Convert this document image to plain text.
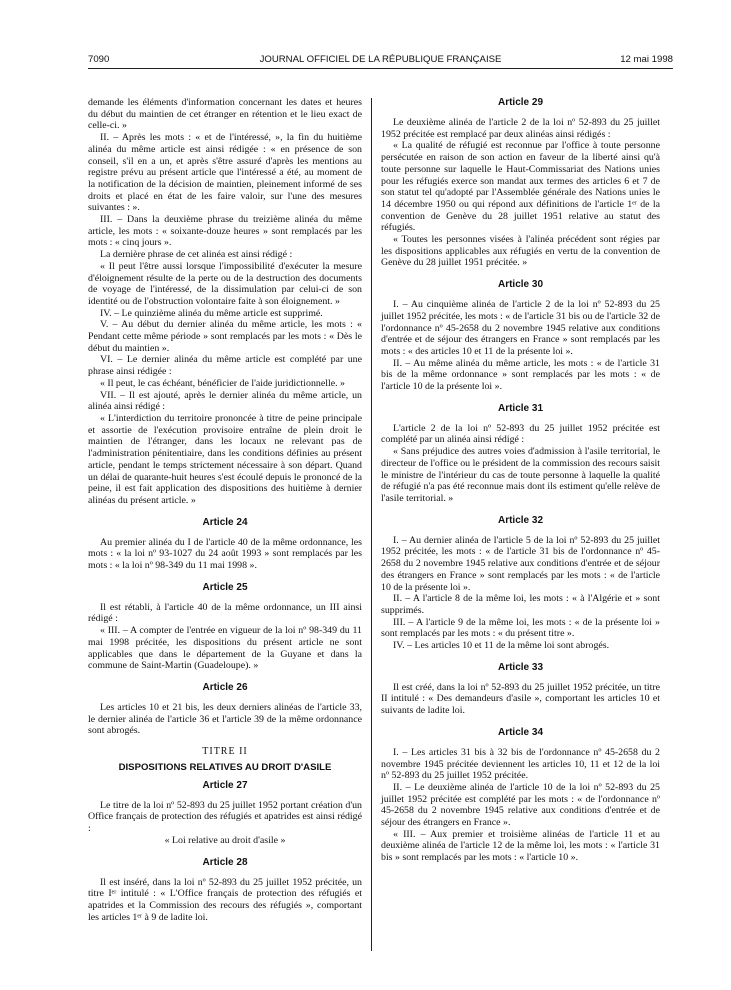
7090	JOURNAL OFFICIEL DE LA RÉPUBLIQUE FRANÇAISE	12 mai 1998

demande les éléments d'information concernant les dates et heures du début du maintien de cet étranger en rétention et le lieu exact de celle-ci. »

II. – Après les mots : « et de l'intéressé, », la fin du huitième alinéa du même article est ainsi rédigée : « en présence de son conseil, s'il en a un, et après s'être assuré d'après les mentions au registre prévu au présent article que l'intéressé a été, au moment de la notification de la décision de maintien, pleinement informé de ses droits et placé en état de les faire valoir, sur l'une des mesures suivantes : ».

III. – Dans la deuxième phrase du treizième alinéa du même article, les mots : « soixante-douze heures » sont remplacés par les mots : « cinq jours ».

La dernière phrase de cet alinéa est ainsi rédigé :

« Il peut l'être aussi lorsque l'impossibilité d'exécuter la mesure d'éloignement résulte de la perte ou de la destruction des documents de voyage de l'intéressé, de la dissimulation par celui-ci de son identité ou de l'obstruction volontaire faite à son éloignement. »

IV. – Le quinzième alinéa du même article est supprimé.

V. – Au début du dernier alinéa du même article, les mots : « Pendant cette même période » sont remplacés par les mots : « Dès le début du maintien ».

VI. – Le dernier alinéa du même article est complété par une phrase ainsi rédigée :

« Il peut, le cas échéant, bénéficier de l'aide juridictionnelle. »

VII. – Il est ajouté, après le dernier alinéa du même article, un alinéa ainsi rédigé :

« L'interdiction du territoire prononcée à titre de peine principale et assortie de l'exécution provisoire entraîne de plein droit le maintien de l'étranger, dans les locaux ne relevant pas de l'administration pénitentiaire, dans les conditions définies au présent article, pendant le temps strictement nécessaire à son départ. Quand un délai de quarante-huit heures s'est écoulé depuis le prononcé de la peine, il est fait application des dispositions des huitième à dernier alinéas du présent article. »

Article 24

Au premier alinéa du I de l'article 40 de la même ordonnance, les mots : « la loi nº 93-1027 du 24 août 1993 » sont remplacés par les mots : « la loi nº 98-349 du 11 mai 1998 ».

Article 25

Il est rétabli, à l'article 40 de la même ordonnance, un III ainsi rédigé :

« III. – A compter de l'entrée en vigueur de la loi nº 98-349 du 11 mai 1998 précitée, les dispositions du présent article ne sont applicables que dans le département de la Guyane et dans la commune de Saint-Martin (Guadeloupe). »

Article 26

Les articles 10 et 21 bis, les deux derniers alinéas de l'article 33, le dernier alinéa de l'article 36 et l'article 39 de la même ordonnance sont abrogés.

TITRE II
DISPOSITIONS RELATIVES AU DROIT D'ASILE
Article 27

Le titre de la loi nº 52-893 du 25 juillet 1952 portant création d'un Office français de protection des réfugiés et apatrides est ainsi rédigé :

« Loi relative au droit d'asile »

Article 28

Il est inséré, dans la loi nº 52-893 du 25 juillet 1952 précitée, un titre Iᵉʳ intitulé : « L'Office français de protection des réfugiés et apatrides et la Commission des recours des réfugiés », comportant les articles 1ᵉʳ à 9 de ladite loi.

Article 29

Le deuxième alinéa de l'article 2 de la loi nº 52-893 du 25 juillet 1952 précitée est remplacé par deux alinéas ainsi rédigés :

« La qualité de réfugié est reconnue par l'office à toute personne persécutée en raison de son action en faveur de la liberté ainsi qu'à toute personne sur laquelle le Haut-Commissariat des Nations unies pour les réfugiés exerce son mandat aux termes des articles 6 et 7 de son statut tel qu'adopté par l'Assemblée générale des Nations unies le 14 décembre 1950 ou qui répond aux définitions de l'article 1ᵉʳ de la convention de Genève du 28 juillet 1951 relative au statut des réfugiés.

« Toutes les personnes visées à l'alinéa précédent sont régies par les dispositions applicables aux réfugiés en vertu de la convention de Genève du 28 juillet 1951 précitée. »

Article 30

I. – Au cinquième alinéa de l'article 2 de la loi nº 52-893 du 25 juillet 1952 précitée, les mots : « de l'article 31 bis ou de l'article 32 de l'ordonnance nº 45-2658 du 2 novembre 1945 relative aux conditions d'entrée et de séjour des étrangers en France » sont remplacés par les mots : « des articles 10 et 11 de la présente loi ».

II. – Au même alinéa du même article, les mots : « de l'article 31 bis de la même ordonnance » sont remplacés par les mots : « de l'article 10 de la présente loi ».

Article 31

L'article 2 de la loi nº 52-893 du 25 juillet 1952 précitée est complété par un alinéa ainsi rédigé :

« Sans préjudice des autres voies d'admission à l'asile territorial, le directeur de l'office ou le président de la commission des recours saisit le ministre de l'intérieur du cas de toute personne à laquelle la qualité de réfugié n'a pas été reconnue mais dont ils estiment qu'elle relève de l'asile territorial. »

Article 32

I. – Au dernier alinéa de l'article 5 de la loi nº 52-893 du 25 juillet 1952 précitée, les mots : « de l'article 31 bis de l'ordonnance nº 45-2658 du 2 novembre 1945 relative aux conditions d'entrée et de séjour des étrangers en France » sont remplacés par les mots : « de l'article 10 de la présente loi ».

II. – A l'article 8 de la même loi, les mots : « à l'Algérie et » sont supprimés.

III. – A l'article 9 de la même loi, les mots : « de la présente loi » sont remplacés par les mots : « du présent titre ».

IV. – Les articles 10 et 11 de la même loi sont abrogés.

Article 33

Il est créé, dans la loi nº 52-893 du 25 juillet 1952 précitée, un titre II intitulé : « Des demandeurs d'asile », comportant les articles 10 et suivants de ladite loi.

Article 34

I. – Les articles 31 bis à 32 bis de l'ordonnance nº 45-2658 du 2 novembre 1945 précitée deviennent les articles 10, 11 et 12 de la loi nº 52-893 du 25 juillet 1952 précitée.

II. – Le deuxième alinéa de l'article 10 de la loi nº 52-893 du 25 juillet 1952 précitée est complété par les mots : « de l'ordonnance nº 45-2658 du 2 novembre 1945 relative aux conditions d'entrée et de séjour des étrangers en France ».

« III. – Aux premier et troisième alinéas de l'article 11 et au deuxième alinéa de l'article 12 de la même loi, les mots : « l'article 31 bis » sont remplacés par les mots : « l'article 10 ».
